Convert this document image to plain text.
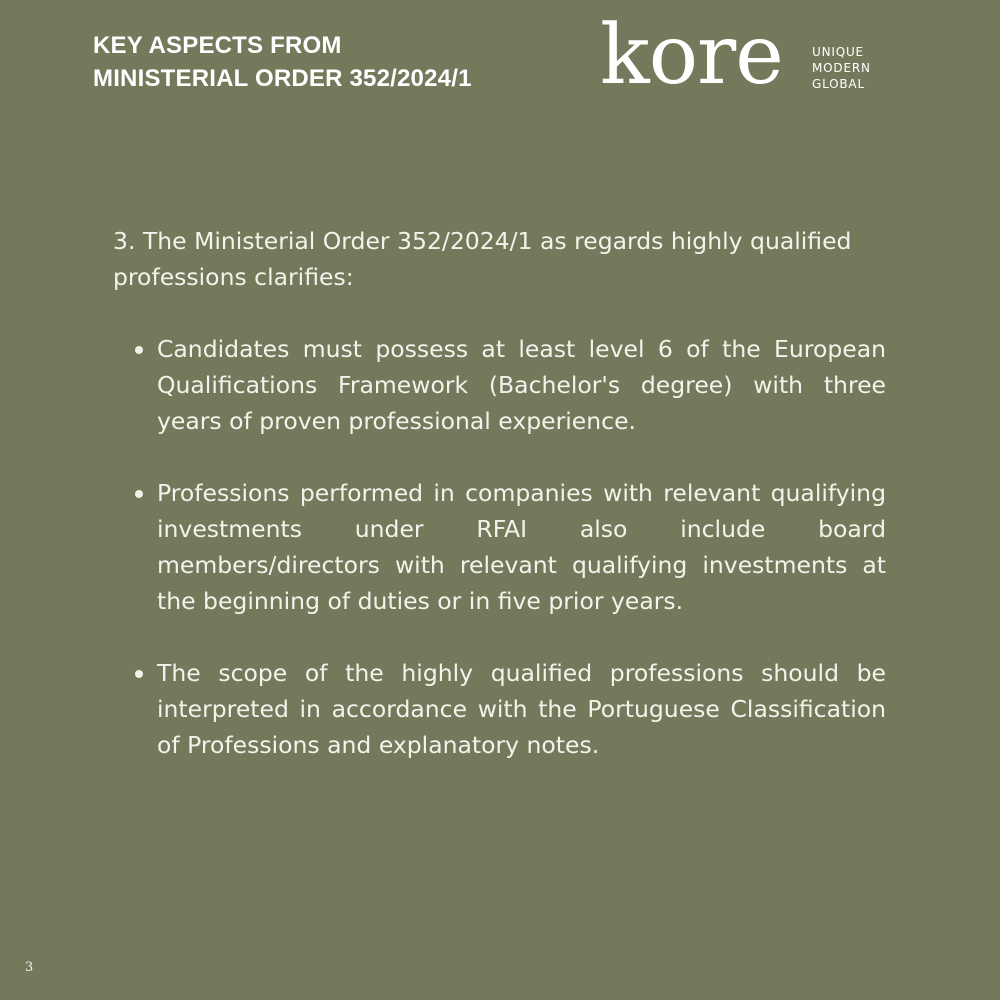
KEY ASPECTS FROM
MINISTERIAL ORDER 352/2024/1	kore UNIQUE
MODERN
GLOBAL

3. The Ministerial Order 352/2024/1 as regards highly qualified professions clarifies:

Candidates must possess at least level 6 of the European Qualifications Framework (Bachelor's degree) with three years of proven professional experience.
Professions performed in companies with relevant qualifying investments under RFAI also include board members/directors with relevant qualifying investments at the beginning of duties or in five prior years.
The scope of the highly qualified professions should be interpreted in accordance with the Portuguese Classification of Professions and explanatory notes.
3
